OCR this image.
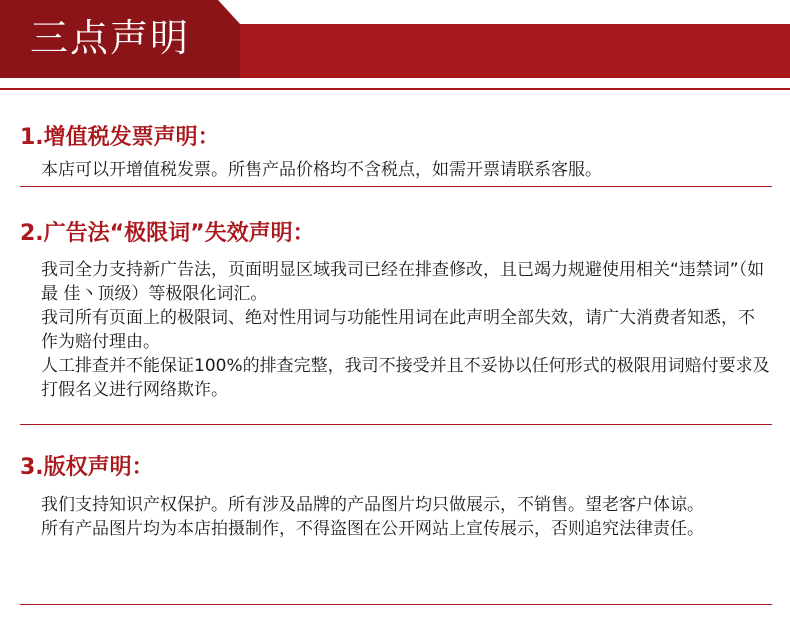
三点声明
1.增值税发票声明：

本店可以开增值税发票。所售产品价格均不含税点，如需开票请联系客服。

2.广告法“极限词”失效声明：

我司全力支持新广告法，页面明显区域我司已经在排查修改，且已竭力规避使用相关“违禁词”（如最 佳丶顶级）等极限化词汇。

我司所有页面上的极限词、绝对性用词与功能性用词在此声明全部失效，请广大消费者知悉，不作为赔付理由。

人工排查并不能保证100%的排查完整，我司不接受并且不妥协以任何形式的极限用词赔付要求及打假名义进行网络欺诈。

3.版权声明：

我们支持知识产权保护。所有涉及品牌的产品图片均只做展示，不销售。望老客户体谅。

所有产品图片均为本店拍摄制作，不得盗图在公开网站上宣传展示，否则追究法律责任。
